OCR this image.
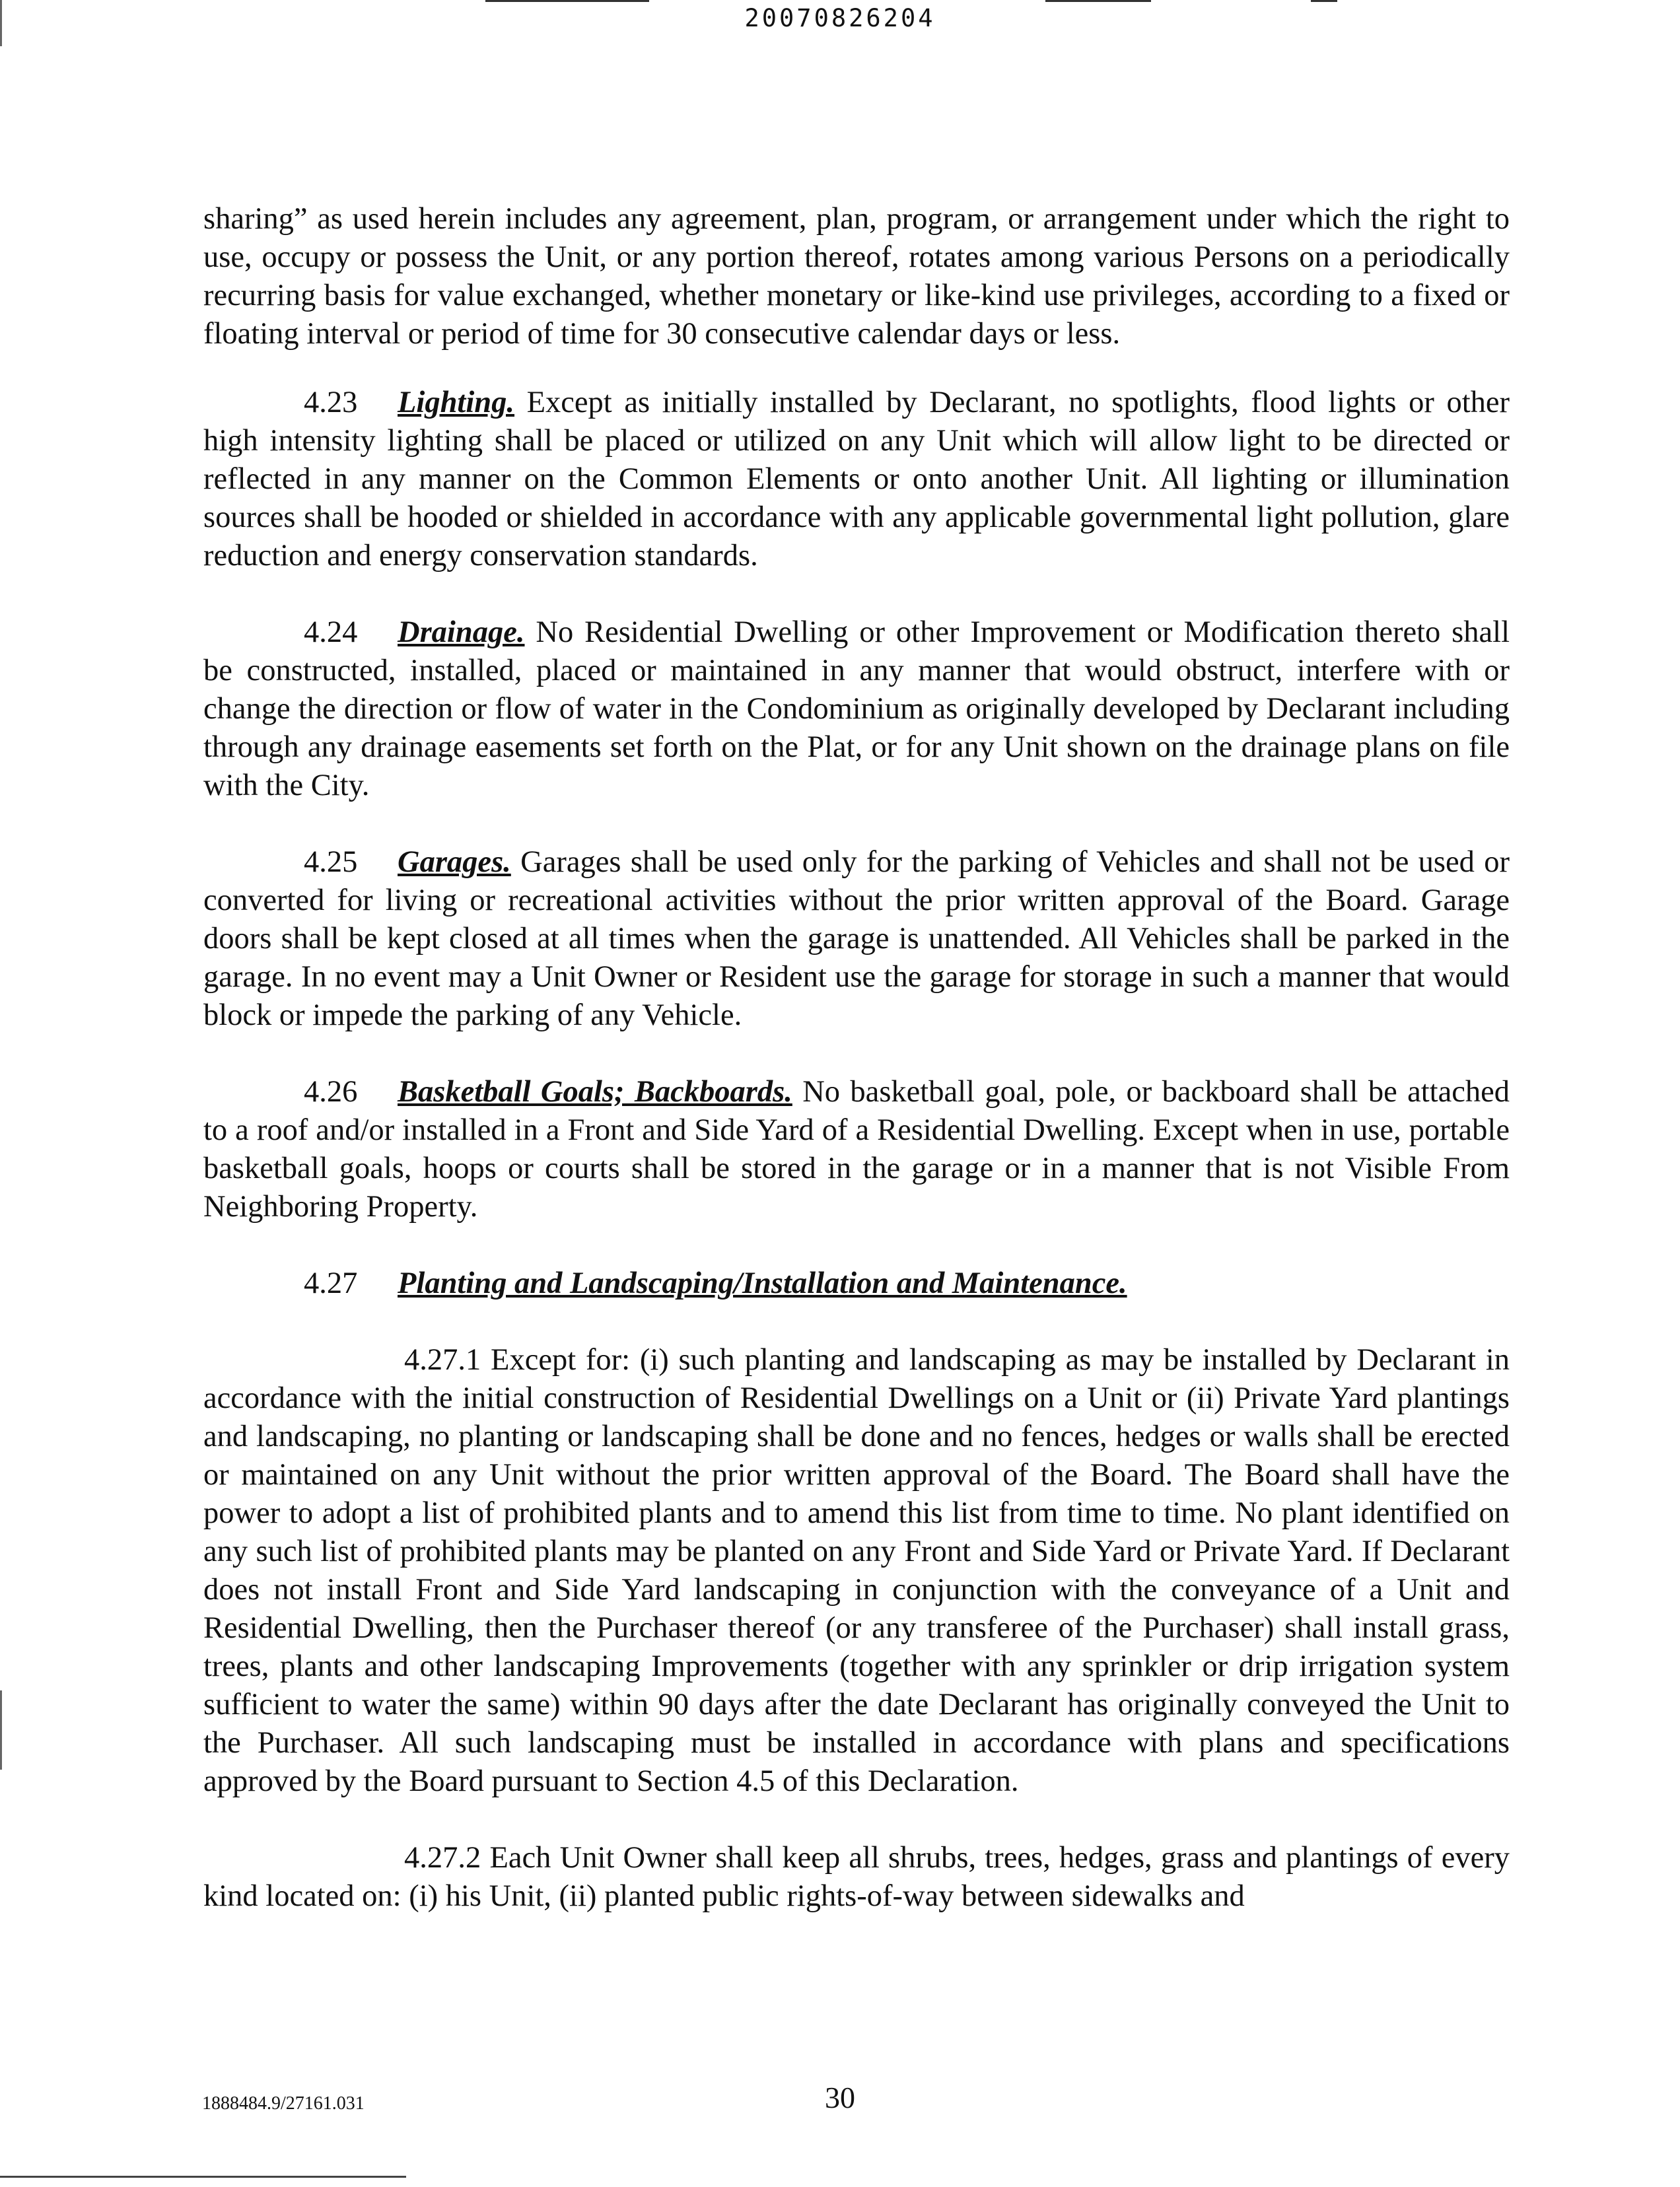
20070826204

sharing” as used herein includes any agreement, plan, program, or arrangement under which the right to use, occupy or possess the Unit, or any portion thereof, rotates among various Persons on a periodically recurring basis for value exchanged, whether monetary or like-kind use privileges, according to a fixed or floating interval or period of time for 30 consecutive calendar days or less.

4.23 Lighting. Except as initially installed by Declarant, no spotlights, flood lights or other high intensity lighting shall be placed or utilized on any Unit which will allow light to be directed or reflected in any manner on the Common Elements or onto another Unit. All lighting or illumination sources shall be hooded or shielded in accordance with any applicable governmental light pollution, glare reduction and energy conservation standards.

4.24 Drainage. No Residential Dwelling or other Improvement or Modification thereto shall be constructed, installed, placed or maintained in any manner that would obstruct, interfere with or change the direction or flow of water in the Condominium as originally developed by Declarant including through any drainage easements set forth on the Plat, or for any Unit shown on the drainage plans on file with the City.

4.25 Garages. Garages shall be used only for the parking of Vehicles and shall not be used or converted for living or recreational activities without the prior written approval of the Board. Garage doors shall be kept closed at all times when the garage is unattended. All Vehicles shall be parked in the garage. In no event may a Unit Owner or Resident use the garage for storage in such a manner that would block or impede the parking of any Vehicle.

4.26 Basketball Goals; Backboards. No basketball goal, pole, or backboard shall be attached to a roof and/or installed in a Front and Side Yard of a Residential Dwelling. Except when in use, portable basketball goals, hoops or courts shall be stored in the garage or in a manner that is not Visible From Neighboring Property.

4.27 Planting and Landscaping/Installation and Maintenance.

4.27.1 Except for: (i) such planting and landscaping as may be installed by Declarant in accordance with the initial construction of Residential Dwellings on a Unit or (ii) Private Yard plantings and landscaping, no planting or landscaping shall be done and no fences, hedges or walls shall be erected or maintained on any Unit without the prior written approval of the Board. The Board shall have the power to adopt a list of prohibited plants and to amend this list from time to time. No plant identified on any such list of prohibited plants may be planted on any Front and Side Yard or Private Yard. If Declarant does not install Front and Side Yard landscaping in conjunction with the conveyance of a Unit and Residential Dwelling, then the Purchaser thereof (or any transferee of the Purchaser) shall install grass, trees, plants and other landscaping Improvements (together with any sprinkler or drip irrigation system sufficient to water the same) within 90 days after the date Declarant has originally conveyed the Unit to the Purchaser. All such landscaping must be installed in accordance with plans and specifications approved by the Board pursuant to Section 4.5 of this Declaration.

4.27.2 Each Unit Owner shall keep all shrubs, trees, hedges, grass and plantings of every kind located on: (i) his Unit, (ii) planted public rights-of-way between sidewalks and

1888484.9/27161.031	30
